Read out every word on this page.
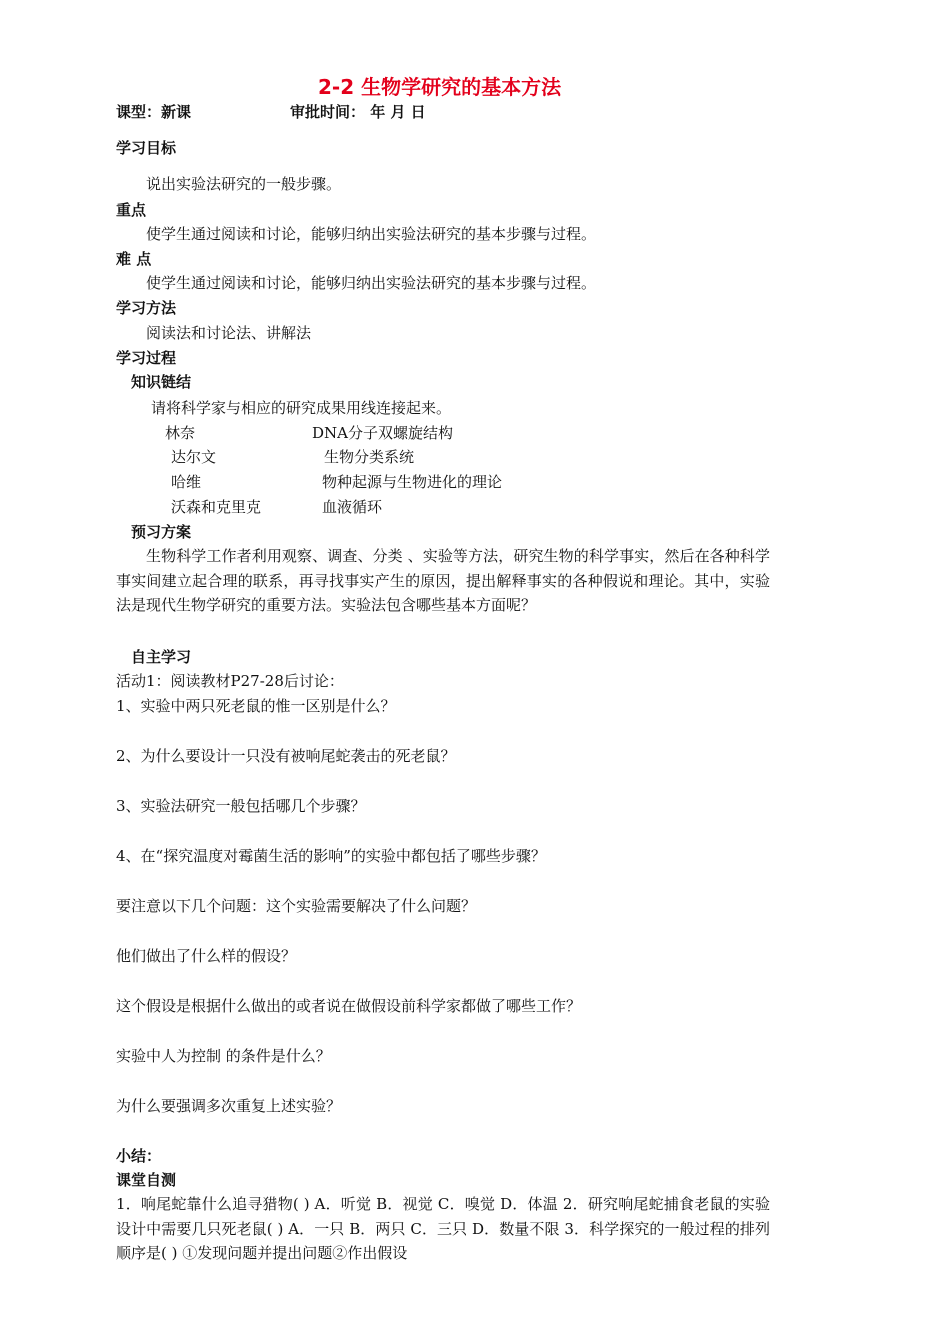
2-2 生物学研究的基本方法
课型：新课	审批时间： 年 月 日
学习目标
说出实验法研究的一般步骤。
重点
使学生通过阅读和讨论，能够归纳出实验法研究的基本步骤与过程。
难 点
使学生通过阅读和讨论，能够归纳出实验法研究的基本步骤与过程。
学习方法
阅读法和讨论法、讲解法
学习过程
知识链结
请将科学家与相应的研究成果用线连接起来。
林奈	DNA分子双螺旋结构
达尔文	生物分类系统
哈维	物种起源与生物进化的理论
沃森和克里克	血液循环
预习方案
生物科学工作者利用观察、调查、分类 、实验等方法，研究生物的科学事实，然后在各种科学事实间建立起合理的联系，再寻找事实产生的原因，提出解释事实的各种假说和理论。其中，实验法是现代生物学研究的重要方法。实验法包含哪些基本方面呢？
自主学习
活动1：阅读教材P27-28后讨论：
1、实验中两只死老鼠的惟一区别是什么？
2、为什么要设计一只没有被响尾蛇袭击的死老鼠？
3、实验法研究一般包括哪几个步骤？
4、在“探究温度对霉菌生活的影响”的实验中都包括了哪些步骤？
要注意以下几个问题：这个实验需要解决了什么问题？
他们做出了什么样的假设？
这个假设是根据什么做出的或者说在做假设前科学家都做了哪些工作？
实验中人为控制 的条件是什么？
为什么要强调多次重复上述实验？
小结：
课堂自测
1．响尾蛇靠什么追寻猎物( ) A．听觉 B．视觉 C．嗅觉 D．体温 2．研究响尾蛇捕食老鼠的实验设计中需要几只死老鼠( ) A．一只 B．两只 C．三只 D．数量不限 3．科学探究的一般过程的排列顺序是( ) ①发现问题并提出问题②作出假设
